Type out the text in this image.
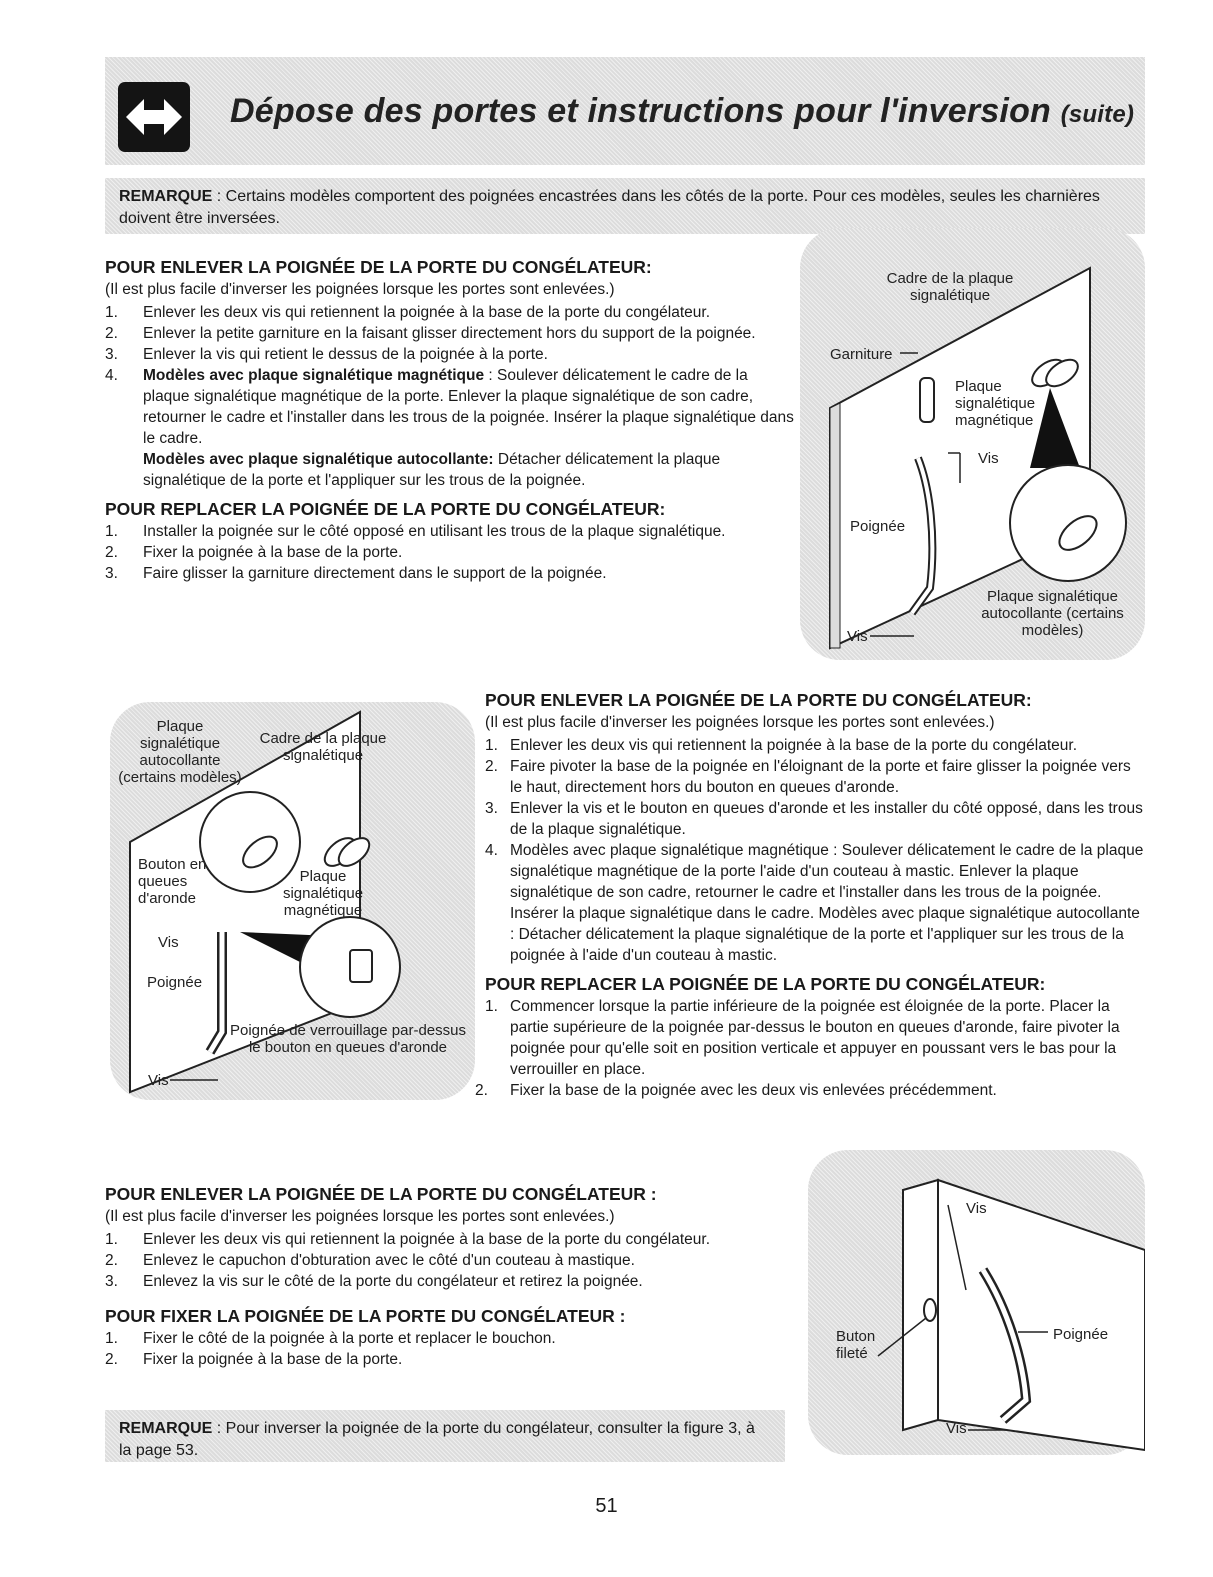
Dépose des portes et instructions pour l'inversion (suite)
REMARQUE : Certains modèles comportent des poignées encastrées dans les côtés de la porte. Pour ces modèles, seules les charnières doivent être inversées.
POUR ENLEVER LA POIGNÉE DE LA PORTE DU CONGÉLATEUR:

(Il est plus facile d'inverser les poignées lorsque les portes sont enlevées.)

1. Enlever les deux vis qui retiennent la poignée à la base de la porte du congélateur.
2. Enlever la petite garniture en la faisant glisser directement hors du support de la poignée.
3. Enlever la vis qui retient le dessus de la poignée à la porte.
4. Modèles avec plaque signalétique magnétique : Soulever délicatement le cadre de la plaque signalétique magnétique de la porte. Enlever la plaque signalétique de son cadre, retourner le cadre et l'installer dans les trous de la poignée. Insérer la plaque signalétique dans le cadre.
Modèles avec plaque signalétique autocollante: Détacher délicatement la plaque signalétique de la porte et l'appliquer sur les trous de la poignée.
POUR REPLACER LA POIGNÉE DE LA PORTE DU CONGÉLATEUR:
1. Installer la poignée sur le côté opposé en utilisant les trous de la plaque signalétique.
2. Fixer la poignée à la base de la porte.
3. Faire glisser la garniture directement dans le support de la poignée.
Cadre de la plaque signalétique
Garniture
Plaque signalétique magnétique
Vis
Poignée
Plaque signalétique autocollante (certains modèles)
Vis
Plaque signalétique autocollante (certains modèles)
Cadre de la plaque signalétique
Bouton en queues d'aronde
Plaque signalétique magnétique
Vis
Poignée
Poignée de verrouillage par-dessus le bouton en queues d'aronde
Vis
POUR ENLEVER LA POIGNÉE DE LA PORTE DU CONGÉLATEUR:

(Il est plus facile d'inverser les poignées lorsque les portes sont enlevées.)

1. Enlever les deux vis qui retiennent la poignée à la base de la porte du congélateur.
2. Faire pivoter la base de la poignée en l'éloignant de la porte et faire glisser la poignée vers le haut, directement hors du bouton en queues d'aronde.
3. Enlever la vis et le bouton en queues d'aronde et les installer du côté opposé, dans les trous de la plaque signalétique.
4. Modèles avec plaque signalétique magnétique : Soulever délicatement le cadre de la plaque signalétique magnétique de la porte l'aide d'un couteau à mastic. Enlever la plaque signalétique de son cadre, retourner le cadre et l'installer dans les trous de la poignée. Insérer la plaque signalétique dans le cadre. Modèles avec plaque signalétique autocollante : Détacher délicatement la plaque signalétique de la porte et l'appliquer sur les trous de la poignée à l'aide d'un couteau à mastic.
POUR REPLACER LA POIGNÉE DE LA PORTE DU CONGÉLATEUR:
1. Commencer lorsque la partie inférieure de la poignée est éloignée de la porte. Placer la partie supérieure de la poignée par-dessus le bouton en queues d'aronde, faire pivoter la poignée pour qu'elle soit en position verticale et appuyer en poussant vers le bas pour la verrouiller en place.
2. Fixer la base de la poignée avec les deux vis enlevées précédemment.
POUR ENLEVER LA POIGNÉE DE LA PORTE DU CONGÉLATEUR :

(Il est plus facile d'inverser les poignées lorsque les portes sont enlevées.)

1. Enlever les deux vis qui retiennent la poignée à la base de la porte du congélateur.
2. Enlevez le capuchon d'obturation avec le côté d'un couteau à mastique.
3. Enlevez la vis sur le côté de la porte du congélateur et retirez la poignée.
POUR FIXER LA POIGNÉE DE LA PORTE DU CONGÉLATEUR :
1. Fixer le côté de la poignée à la porte et replacer le bouchon.
2. Fixer la poignée à la base de la porte.
Vis
Buton fileté
Poignée
Vis
REMARQUE : Pour inverser la poignée de la porte du congélateur, consulter la figure 3, à la page 53.
51
